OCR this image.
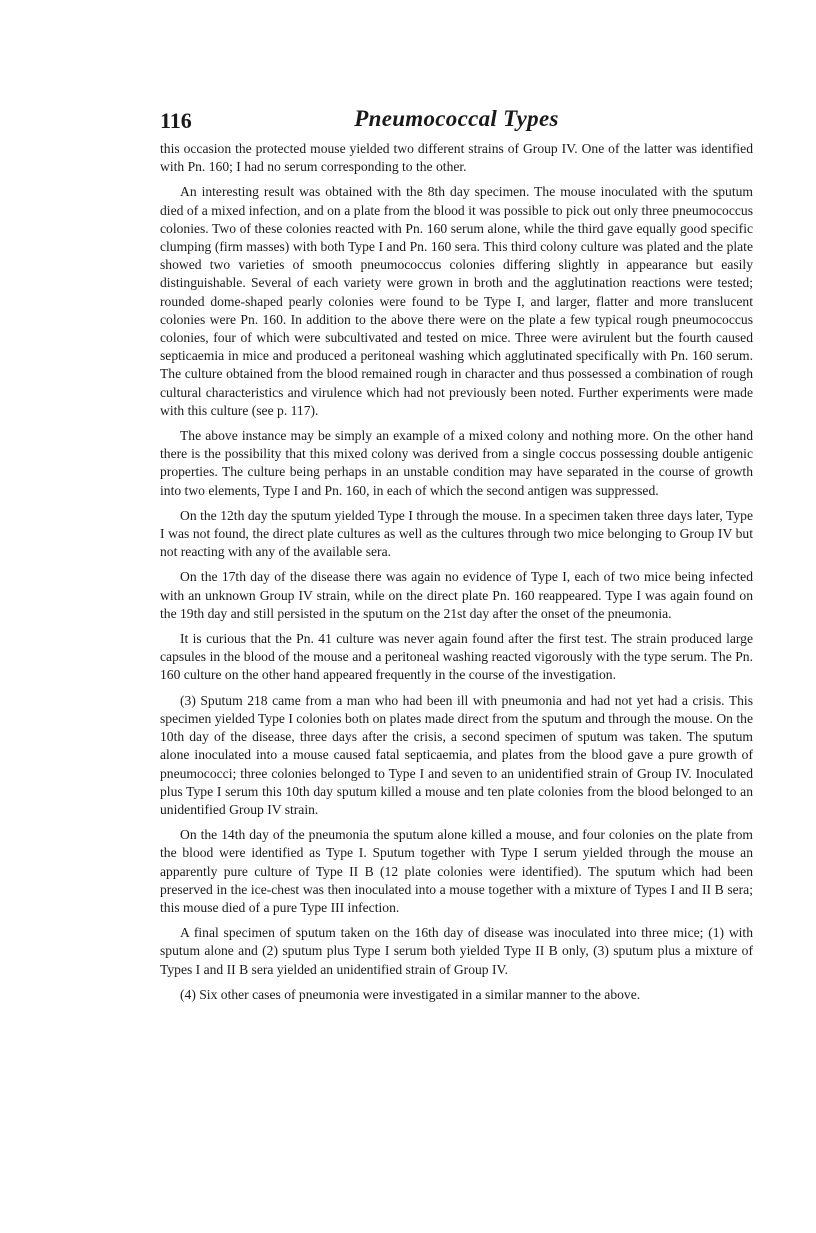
116	Pneumococcal Types

this occasion the protected mouse yielded two different strains of Group IV. One of the latter was identified with Pn. 160; I had no serum corresponding to the other.

An interesting result was obtained with the 8th day specimen. The mouse inoculated with the sputum died of a mixed infection, and on a plate from the blood it was possible to pick out only three pneumococcus colonies. Two of these colonies reacted with Pn. 160 serum alone, while the third gave equally good specific clumping (firm masses) with both Type I and Pn. 160 sera. This third colony culture was plated and the plate showed two varieties of smooth pneumococcus colonies differing slightly in appearance but easily distinguishable. Several of each variety were grown in broth and the agglutination reactions were tested; rounded dome-shaped pearly colonies were found to be Type I, and larger, flatter and more translucent colonies were Pn. 160. In addition to the above there were on the plate a few typical rough pneumococcus colonies, four of which were subcultivated and tested on mice. Three were avirulent but the fourth caused septicaemia in mice and produced a peritoneal washing which agglutinated specifically with Pn. 160 serum. The culture obtained from the blood remained rough in character and thus possessed a combination of rough cultural characteristics and virulence which had not previously been noted. Further experiments were made with this culture (see p. 117).

The above instance may be simply an example of a mixed colony and nothing more. On the other hand there is the possibility that this mixed colony was derived from a single coccus possessing double antigenic properties. The culture being perhaps in an unstable condition may have separated in the course of growth into two elements, Type I and Pn. 160, in each of which the second antigen was suppressed.

On the 12th day the sputum yielded Type I through the mouse. In a specimen taken three days later, Type I was not found, the direct plate cultures as well as the cultures through two mice belonging to Group IV but not reacting with any of the available sera.

On the 17th day of the disease there was again no evidence of Type I, each of two mice being infected with an unknown Group IV strain, while on the direct plate Pn. 160 reappeared. Type I was again found on the 19th day and still persisted in the sputum on the 21st day after the onset of the pneumonia.

It is curious that the Pn. 41 culture was never again found after the first test. The strain produced large capsules in the blood of the mouse and a peritoneal washing reacted vigorously with the type serum. The Pn. 160 culture on the other hand appeared frequently in the course of the investigation.

(3) Sputum 218 came from a man who had been ill with pneumonia and had not yet had a crisis. This specimen yielded Type I colonies both on plates made direct from the sputum and through the mouse. On the 10th day of the disease, three days after the crisis, a second specimen of sputum was taken. The sputum alone inoculated into a mouse caused fatal septicaemia, and plates from the blood gave a pure growth of pneumococci; three colonies belonged to Type I and seven to an unidentified strain of Group IV. Inoculated plus Type I serum this 10th day sputum killed a mouse and ten plate colonies from the blood belonged to an unidentified Group IV strain.

On the 14th day of the pneumonia the sputum alone killed a mouse, and four colonies on the plate from the blood were identified as Type I. Sputum together with Type I serum yielded through the mouse an apparently pure culture of Type II B (12 plate colonies were identified). The sputum which had been preserved in the ice-chest was then inoculated into a mouse together with a mixture of Types I and II B sera; this mouse died of a pure Type III infection.

A final specimen of sputum taken on the 16th day of disease was inoculated into three mice; (1) with sputum alone and (2) sputum plus Type I serum both yielded Type II B only, (3) sputum plus a mixture of Types I and II B sera yielded an unidentified strain of Group IV.

(4) Six other cases of pneumonia were investigated in a similar manner to the above.
